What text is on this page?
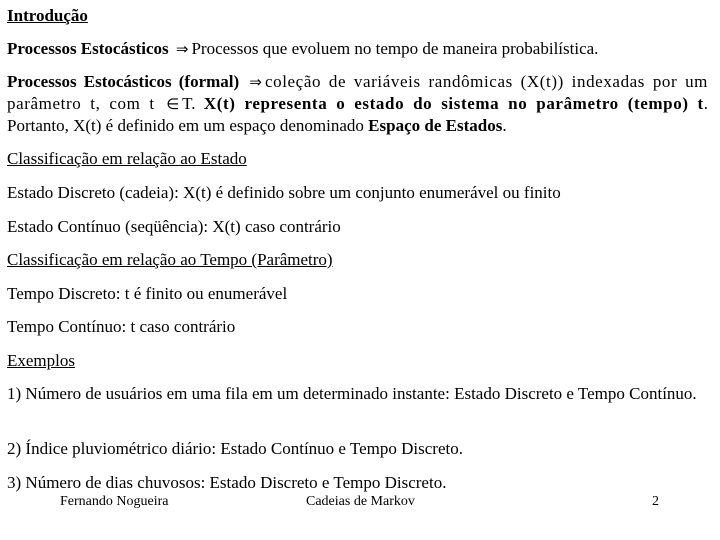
Introdução

Processos Estocásticos ⇒ Processos que evoluem no tempo de maneira probabilística.

Processos Estocásticos (formal) ⇒ coleção de variáveis randômicas (X(t)) indexadas por um parâmetro t, com t ∈ T. X(t) representa o estado do sistema no parâmetro (tempo) t. Portanto, X(t) é definido em um espaço denominado Espaço de Estados.

Classificação em relação ao Estado

Estado Discreto (cadeia): X(t) é definido sobre um conjunto enumerável ou finito

Estado Contínuo (seqüência): X(t) caso contrário

Classificação em relação ao Tempo (Parâmetro)

Tempo Discreto: t é finito ou enumerável

Tempo Contínuo: t caso contrário

Exemplos

1) Número de usuários em uma fila em um determinado instante: Estado Discreto e Tempo Contínuo.

2) Índice pluviométrico diário: Estado Contínuo e Tempo Discreto.

3) Número de dias chuvosos: Estado Discreto e Tempo Discreto.

Fernando Nogueira	Cadeias de Markov	2
